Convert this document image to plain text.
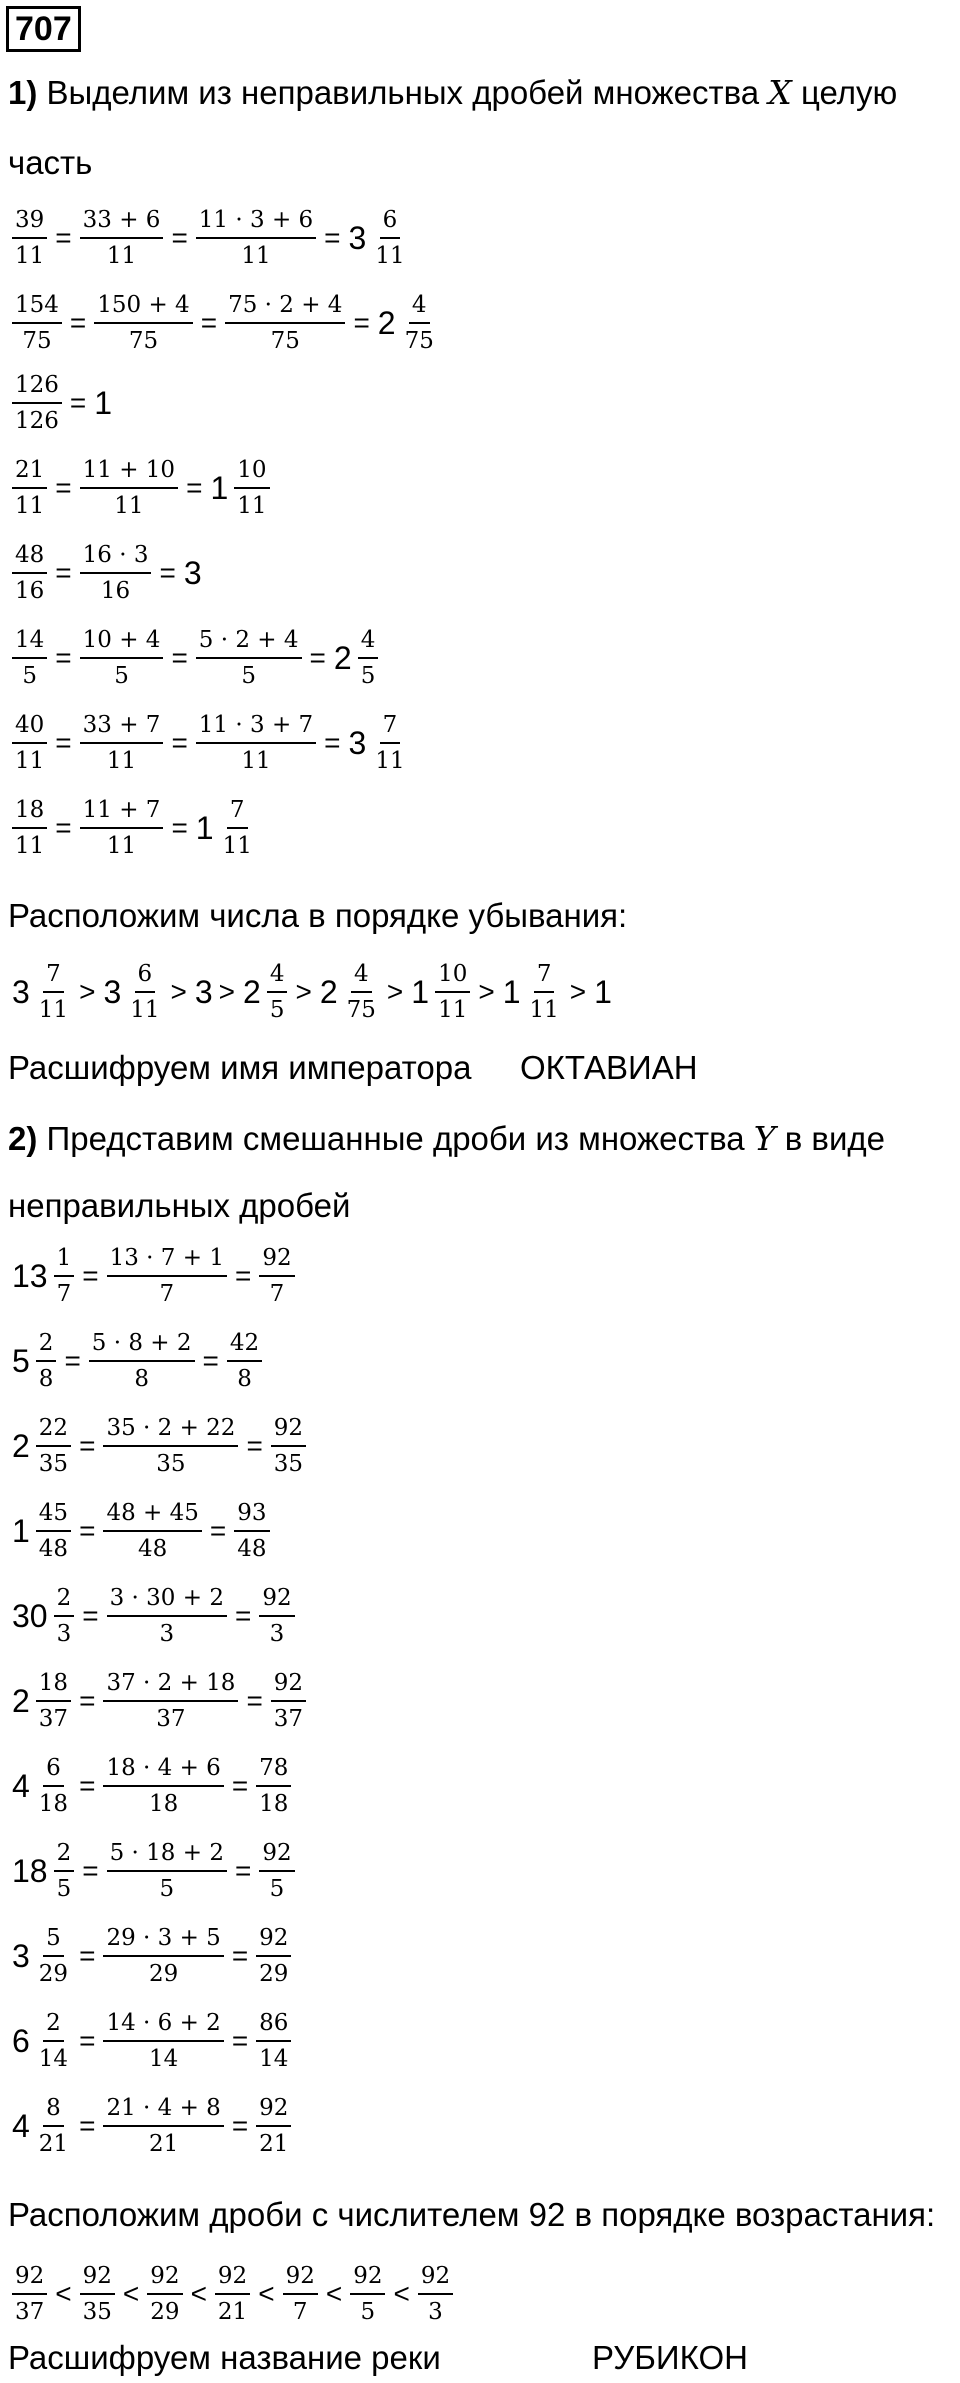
707
1) Выделим из неправильных дробей множества X целую
часть
$\frac{39}{11} = \frac{33 + 6}{11} = \frac{11 \cdot 3 + 6}{11} = 3 \frac{6}{11}$
$\frac{154}{75} = \frac{150 + 4}{75} = \frac{75 \cdot 2 + 4}{75} = 2 \frac{4}{75}$
$\frac{126}{126} = 1$
$\frac{21}{11} = \frac{11 + 10}{11} = 1 \frac{10}{11}$
$\frac{48}{16} = \frac{16 \cdot 3}{16} = 3$
$\frac{14}{5} = \frac{10 + 4}{5} = \frac{5 \cdot 2 + 4}{5} = 2 \frac{4}{5}$
$\frac{40}{11} = \frac{33 + 7}{11} = \frac{11 \cdot 3 + 7}{11} = 3 \frac{7}{11}$
$\frac{18}{11} = \frac{11 + 7}{11} = 1 \frac{7}{11}$
Расположим числа в порядке убывания:
$3 \frac{7}{11} > 3 \frac{6}{11} > 3 > 2 \frac{4}{5} > 2 \frac{4}{75} > 1 \frac{10}{11} > 1 \frac{7}{11} > 1$
Расшифруем имя императора ОКТАВИАН
2) Представим смешанные дроби из множества Y в виде
неправильных дробей
$13 \frac{1}{7} = \frac{13 \cdot 7 + 1}{7} = \frac{92}{7}$
$5 \frac{2}{8} = \frac{5 \cdot 8 + 2}{8} = \frac{42}{8}$
$2 \frac{22}{35} = \frac{35 \cdot 2 + 22}{35} = \frac{92}{35}$
$1 \frac{45}{48} = \frac{48 + 45}{48} = \frac{93}{48}$
$30 \frac{2}{3} = \frac{3 \cdot 30 + 2}{3} = \frac{92}{3}$
$2 \frac{18}{37} = \frac{37 \cdot 2 + 18}{37} = \frac{92}{37}$
$4 \frac{6}{18} = \frac{18 \cdot 4 + 6}{18} = \frac{78}{18}$
$18 \frac{2}{5} = \frac{5 \cdot 18 + 2}{5} = \frac{92}{5}$
$3 \frac{5}{29} = \frac{29 \cdot 3 + 5}{29} = \frac{92}{29}$
$6 \frac{2}{14} = \frac{14 \cdot 6 + 2}{14} = \frac{86}{14}$
$4 \frac{8}{21} = \frac{21 \cdot 4 + 8}{21} = \frac{92}{21}$
Расположим дроби с числителем 92 в порядке возрастания:
$\frac{92}{37} < \frac{92}{35} < \frac{92}{29} < \frac{92}{21} < \frac{92}{7} < \frac{92}{5} < \frac{92}{3}$
Расшифруем название реки	РУБИКОН
